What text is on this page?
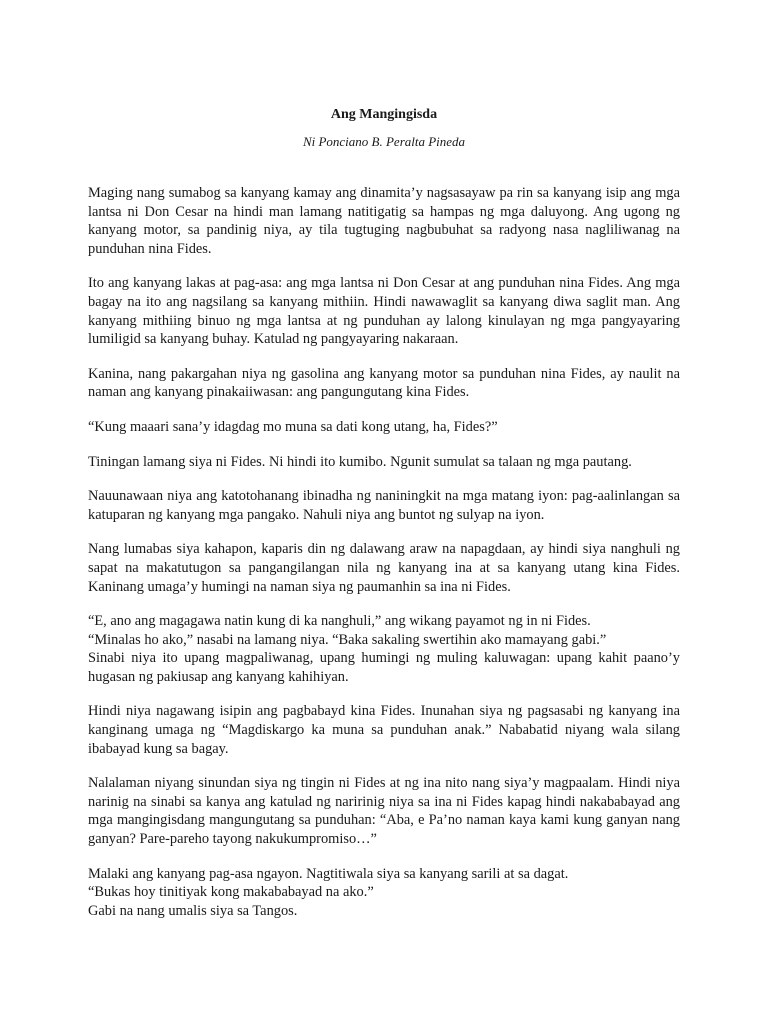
Ang Mangingisda
Ni Ponciano B. Peralta Pineda

Maging nang sumabog sa kanyang kamay ang dinamita’y nagsasayaw pa rin sa kanyang isip ang mga lantsa ni Don Cesar na hindi man lamang natitigatig sa hampas ng mga daluyong. Ang ugong ng kanyang motor, sa pandinig niya, ay tila tugtuging nagbubuhat sa radyong nasa nagliliwanag na punduhan nina Fides.

Ito ang kanyang lakas at pag-asa: ang mga lantsa ni Don Cesar at ang punduhan nina Fides. Ang mga bagay na ito ang nagsilang sa kanyang mithiin. Hindi nawawaglit sa kanyang diwa saglit man. Ang kanyang mithiing binuo ng mga lantsa at ng punduhan ay lalong kinulayan ng mga pangyayaring lumiligid sa kanyang buhay. Katulad ng pangyayaring nakaraan.

Kanina, nang pakargahan niya ng gasolina ang kanyang motor sa punduhan nina Fides, ay naulit na naman ang kanyang pinakaiiwasan: ang pangungutang kina Fides.

“Kung maaari sana’y idagdag mo muna sa dati kong utang, ha, Fides?”

Tiningan lamang siya ni Fides. Ni hindi ito kumibo. Ngunit sumulat sa talaan ng mga pautang.

Nauunawaan niya ang katotohanang ibinadha ng naniningkit na mga matang iyon: pag-aalinlangan sa katuparan ng kanyang mga pangako. Nahuli niya ang buntot ng sulyap na iyon.

Nang lumabas siya kahapon, kaparis din ng dalawang araw na napagdaan, ay hindi siya nanghuli ng sapat na makatutugon sa pangangilangan nila ng kanyang ina at sa kanyang utang kina Fides. Kaninang umaga’y humingi na naman siya ng paumanhin sa ina ni Fides.

“E, ano ang magagawa natin kung di ka nanghuli,” ang wikang payamot ng in ni Fides.
“Minalas ho ako,” nasabi na lamang niya. “Baka sakaling swertihin ako mamayang gabi.”
Sinabi niya ito upang magpaliwanag, upang humingi ng muling kaluwagan: upang kahit paano’y hugasan ng pakiusap ang kanyang kahihiyan.

Hindi niya nagawang isipin ang pagbabayd kina Fides. Inunahan siya ng pagsasabi ng kanyang ina kanginang umaga ng “Magdiskargo ka muna sa punduhan anak.” Nababatid niyang wala silang ibabayad kung sa bagay.

Nalalaman niyang sinundan siya ng tingin ni Fides at ng ina nito nang siya’y magpaalam. Hindi niya narinig na sinabi sa kanya ang katulad ng naririnig niya sa ina ni Fides kapag hindi nakababayad ang mga mangingisdang mangungutang sa punduhan: “Aba, e Pa’no naman kaya kami kung ganyan nang ganyan? Pare-pareho tayong nakukumpromiso…”

Malaki ang kanyang pag-asa ngayon. Nagtitiwala siya sa kanyang sarili at sa dagat.
“Bukas hoy tinitiyak kong makababayad na ako.”
Gabi na nang umalis siya sa Tangos.
